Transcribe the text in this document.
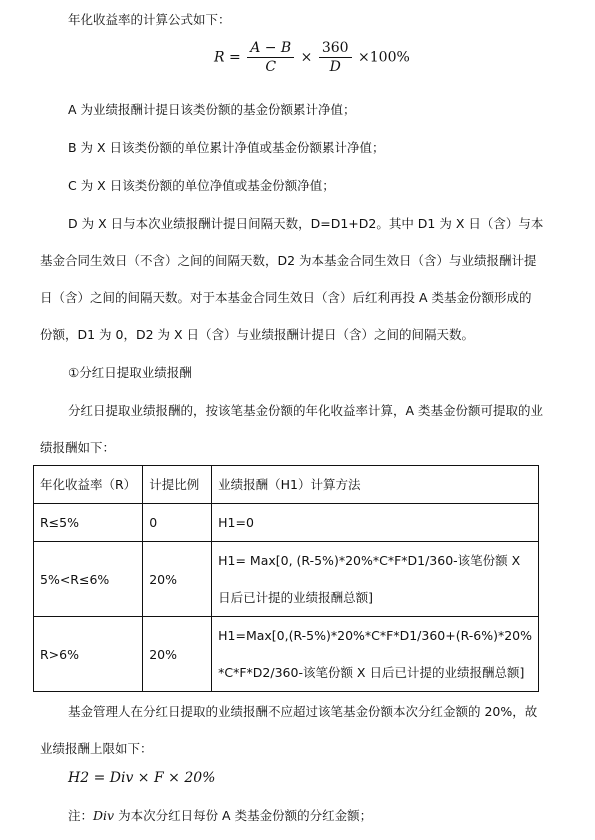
年化收益率的计算公式如下：
$R = \frac{A - B}{C} \times \frac{360}{D} \times 100\%$
A 为业绩报酬计提日该类份额的基金份额累计净值；
B 为 X 日该类份额的单位累计净值或基金份额累计净值；
C 为 X 日该类份额的单位净值或基金份额净值；
D 为 X 日与本次业绩报酬计提日间隔天数，D=D1+D2。其中 D1 为 X 日（含）与本
基金合同生效日（不含）之间的间隔天数，D2 为本基金合同生效日（含）与业绩报酬计提
日（含）之间的间隔天数。对于本基金合同生效日（含）后红利再投 A 类基金份额形成的
份额，D1 为 0，D2 为 X 日（含）与业绩报酬计提日（含）之间的间隔天数。
①分红日提取业绩报酬
分红日提取业绩报酬的，按该笔基金份额的年化收益率计算，A 类基金份额可提取的业
绩报酬如下：
年化收益率（R）	计提比例	业绩报酬（H1）计算方法
R≤5%	0	H1=0

5%<R≤6%	20%	H1= Max[0, (R-5%)*20%*C*F*D1/360-该笔份额 X
日后已计提的业绩报酬总额]

R>6%	20%	H1=Max[0,(R-5%)*20%*C*F*D1/360+(R-6%)*20%
*C*F*D2/360-该笔份额 X 日后已计提的业绩报酬总额]
基金管理人在分红日提取的业绩报酬不应超过该笔基金份额本次分红金额的 20%，故
业绩报酬上限如下：
H2 = Div × F × 20%
注：Div 为本次分红日每份 A 类基金份额的分红金额；
